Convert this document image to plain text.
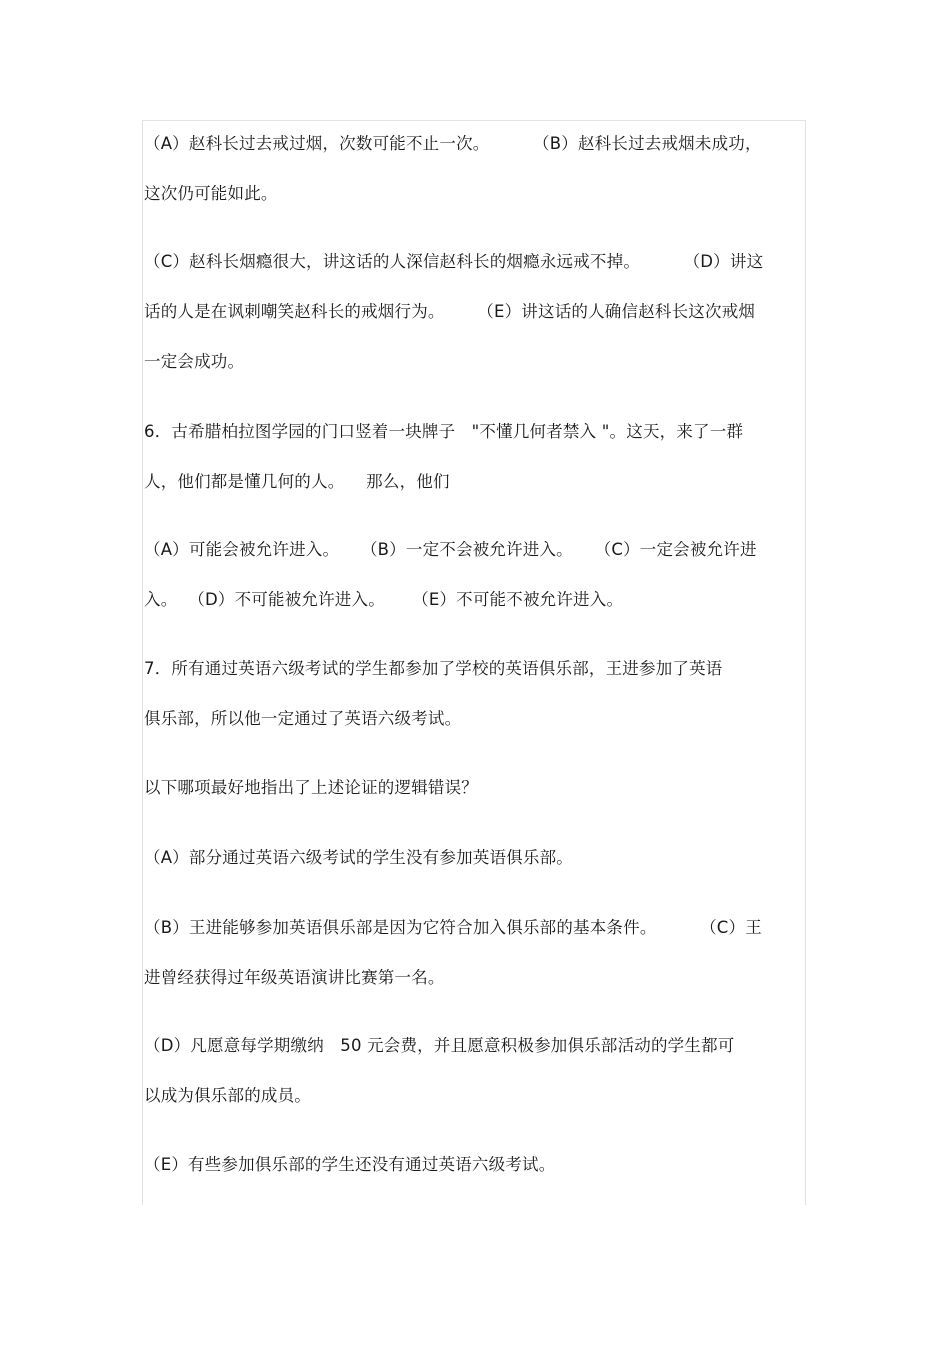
（A）赵科长过去戒过烟，次数可能不止一次。        （B）赵科长过去戒烟未成功，
这次仍可能如此。
（C）赵科长烟瘾很大，讲这话的人深信赵科长的烟瘾永远戒不掉。        （D）讲这
话的人是在讽刺嘲笑赵科长的戒烟行为。      （E）讲这话的人确信赵科长这次戒烟
一定会成功。
6．古希腊柏拉图学园的门口竖着一块牌子   "不懂几何者禁入 "。这天，来了一群
人，他们都是懂几何的人。    那么，他们
（A）可能会被允许进入。    （B）一定不会被允许进入。    （C）一定会被允许进
入。  （D）不可能被允许进入。     （E）不可能不被允许进入。
7．所有通过英语六级考试的学生都参加了学校的英语俱乐部，王进参加了英语
俱乐部，所以他一定通过了英语六级考试。
以下哪项最好地指出了上述论证的逻辑错误？
（A）部分通过英语六级考试的学生没有参加英语俱乐部。
（B）王进能够参加英语俱乐部是因为它符合加入俱乐部的基本条件。        （C）王
进曾经获得过年级英语演讲比赛第一名。
（D）凡愿意每学期缴纳   50 元会费，并且愿意积极参加俱乐部活动的学生都可
以成为俱乐部的成员。
（E）有些参加俱乐部的学生还没有通过英语六级考试。
